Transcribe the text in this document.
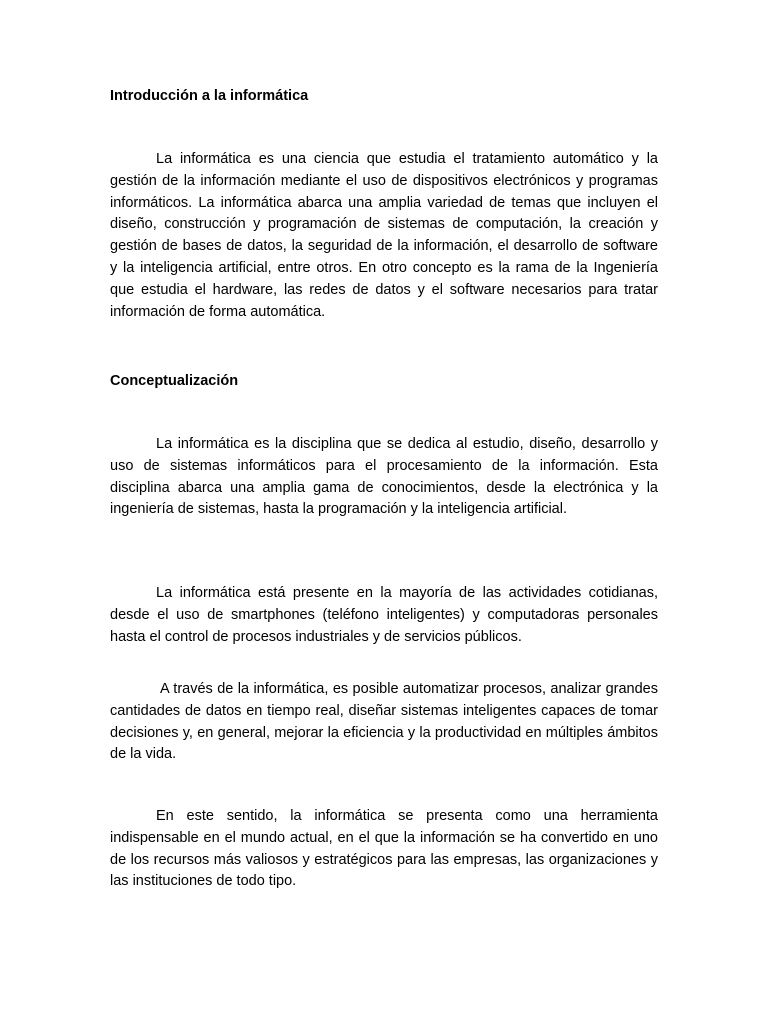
Introducción a la informática

La informática es una ciencia que estudia el tratamiento automático y la gestión de la información mediante el uso de dispositivos electrónicos y programas informáticos. La informática abarca una amplia variedad de temas que incluyen el diseño, construcción y programación de sistemas de computación, la creación y gestión de bases de datos, la seguridad de la información, el desarrollo de software y la inteligencia artificial, entre otros. En otro concepto es la rama de la Ingeniería que estudia el hardware, las redes de datos y el software necesarios para tratar información de forma automática.

Conceptualización

La informática es la disciplina que se dedica al estudio, diseño, desarrollo y uso de sistemas informáticos para el procesamiento de la información. Esta disciplina abarca una amplia gama de conocimientos, desde la electrónica y la ingeniería de sistemas, hasta la programación y la inteligencia artificial.

La informática está presente en la mayoría de las actividades cotidianas, desde el uso de smartphones (teléfono inteligentes) y computadoras personales hasta el control de procesos industriales y de servicios públicos.

A través de la informática, es posible automatizar procesos, analizar grandes cantidades de datos en tiempo real, diseñar sistemas inteligentes capaces de tomar decisiones y, en general, mejorar la eficiencia y la productividad en múltiples ámbitos de la vida.

En este sentido, la informática se presenta como una herramienta indispensable en el mundo actual, en el que la información se ha convertido en uno de los recursos más valiosos y estratégicos para las empresas, las organizaciones y las instituciones de todo tipo.
